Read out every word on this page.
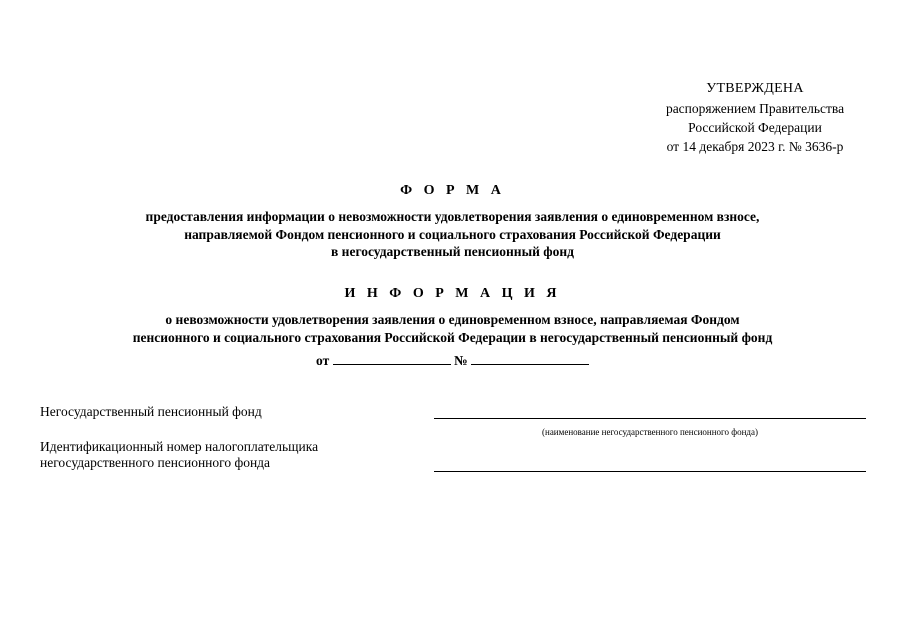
УТВЕРЖДЕНА
распоряжением Правительства
Российской Федерации
от 14 декабря 2023 г. № 3636-р
Ф О Р М А
предоставления информации о невозможности удовлетворения заявления о единовременном взносе,
направляемой Фондом пенсионного и социального страхования Российской Федерации
в негосударственный пенсионный фонд
И Н Ф О Р М А Ц И Я
о невозможности удовлетворения заявления о единовременном взносе, направляемая Фондом
пенсионного и социального страхования Российской Федерации в негосударственный пенсионный фонд
от	№
Негосударственный пенсионный фонд
(наименование негосударственного пенсионного фонда)
Идентификационный номер налогоплательщика
негосударственного пенсионного фонда
